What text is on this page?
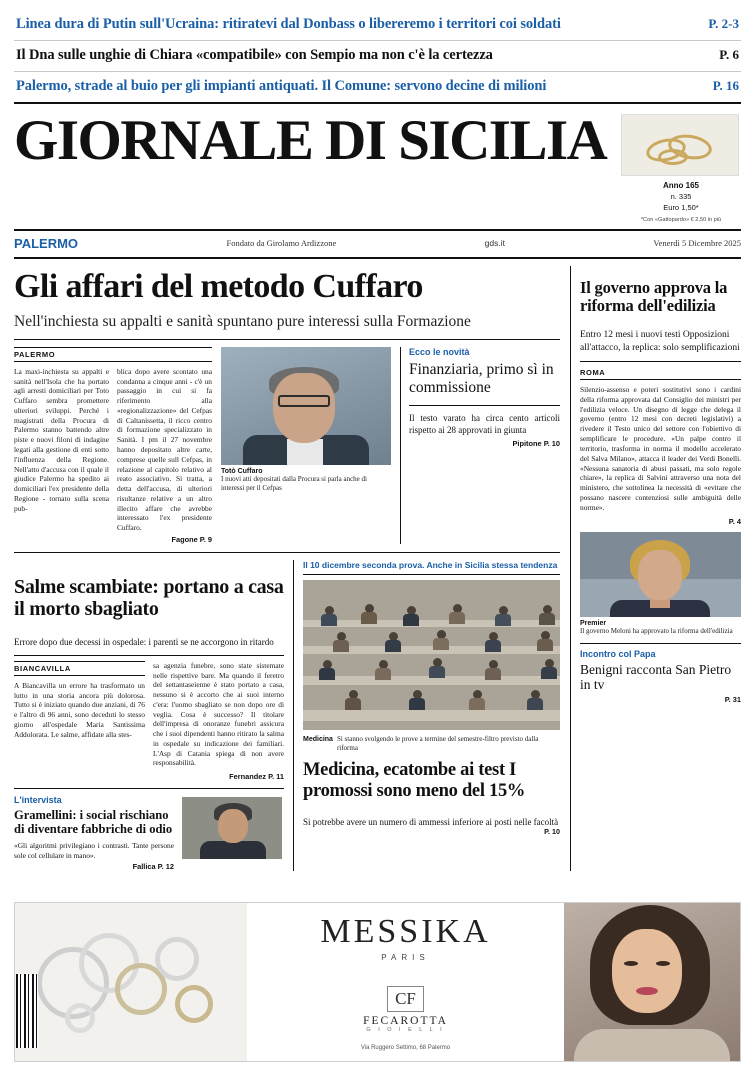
Linea dura di Putin sull'Ucraina: ritiratevi dal Donbass o libereremo i territori coi soldati	P. 2-3
Il Dna sulle unghie di Chiara «compatibile» con Sempio ma non c'è la certezza	P. 6
Palermo, strade al buio per gli impianti antiquati. Il Comune: servono decine di milioni	P. 16
GIORNALE DI SICILIA
Anno 165
n. 335
Euro 1,50*
*Con «Gattopardo» € 2,50 in più
PALERMO	Fondato da Girolamo Ardizzone	gds.it	Venerdì 5 Dicembre 2025
Gli affari del metodo Cuffaro
Nell'inchiesta su appalti e sanità spuntano pure interessi sulla Formazione
PALERMO

La maxi-inchiesta su appalti e sanità nell'Isola che ha portato agli arresti domiciliari per Toto Cuffaro sembra promettere ulteriori sviluppi. Perché i magistrati della Procura di Palermo stanno battendo altre piste e nuovi filoni di indagine legati alla gestione di enti sotto l'influenza della Regione. Nell'atto d'accusa con il quale il giudice Palermo ha spedito ai domiciliari l'ex presidente della Regione - tornato sulla scena pub-

blica dopo avere scontato una condanna a cinque anni - c'è un passaggio in cui si fa riferimento alla «regionalizzazione» del Cefpas di Caltanissetta, il ricco centro di formazione specializzato in Sanità. I pm il 27 novembre hanno depositato altre carte, comprese quelle sull Cefpas, in relazione al capitolo relativo al reato associativo. Si tratta, a detta dell'accusa, di ulteriori risultanze relative a un altro illecito affare che avrebbe interessato l'ex presidente Cuffaro.

Fagone P. 9
Totò Cuffaro
I nuovi atti depositati dalla Procura si parla anche di interessi per il Cefpas
Ecco le novità
Finanziaria, primo sì in commissione
Il testo varato ha circa cento articoli rispetto ai 28 approvati in giunta
Pipitone P. 10
Salme scambiate: portano a casa il morto sbagliato
Errore dopo due decessi in ospedale: i parenti se ne accorgono in ritardo
BIANCAVILLA

A Biancavilla un errore ha trasformato un lutto in una storia ancora più dolorosa. Tutto si è iniziato quando due anziani, di 76 e l'altro di 96 anni, sono deceduti lo stesso giorno all'ospedale Maria Santissima Addolorata. Le salme, affidate alla stes-

sa agenzia funebre, sono state sistemate nelle rispettive bare. Ma quando il feretro del settantaseienne è stato portato a casa, nessuno si è accorto che ai suoi interno c'era: l'uomo sbagliato se non dopo ore di veglia. Cosa è successo? Il titolare dell'impresa di onoranze funebri assicura che i suoi dipendenti hanno ritirato la salma in ospedale su indicazione dei familiari. L'Asp di Catania spiega di non avere responsabilità.

Fernandez P. 11
L'intervista
Gramellini: i social rischiano di diventare fabbriche di odio
«Gli algoritmi privilegiano i contrasti. Tante persone sole col cellulare in mano».
Fallica P. 12
Il 10 dicembre seconda prova. Anche in Sicilia stessa tendenza
Medicina Si stanno svolgendo le prove a termine del semestre-filtro previsto dalla riforma
Medicina, ecatombe ai test I promossi sono meno del 15%
Si potrebbe avere un numero di ammessi inferiore ai posti nelle facoltà
P. 10
Il governo approva la riforma dell'edilizia
Entro 12 mesi i nuovi testi Opposizioni all'attacco, la replica: solo semplificazioni
ROMA

Silenzio-assenso e poteri sostitutivi sono i cardini della riforma approvata dal Consiglio dei ministri per l'edilizia veloce. Un disegno di legge che delega il governo (entro 12 mesi con decreti legislativi) a rivedere il Testo unico del settore con l'obiettivo di semplificare le procedure. «Un palpe contro il territorio, trasforma in norma il modello accelerato del Salva Milano», attacca il leader dei Verdi Bonelli. «Nessuna sanatoria di abusi passati, ma solo regole chiare», la replica di Salvini attraverso una nota del ministero, che sottolinea la necessità di «evitare che possano nascere contenziosi sulle ambiguità delle norme».

P. 4
Premier
Il governo Meloni ha approvato la riforma dell'edilizia
Incontro col Papa
Benigni racconta San Pietro in tv
P. 31
MESSIKA
PARIS
CF
FECAROTTA
G I O I E L L I
Via Ruggero Settimo, 68 Palermo
